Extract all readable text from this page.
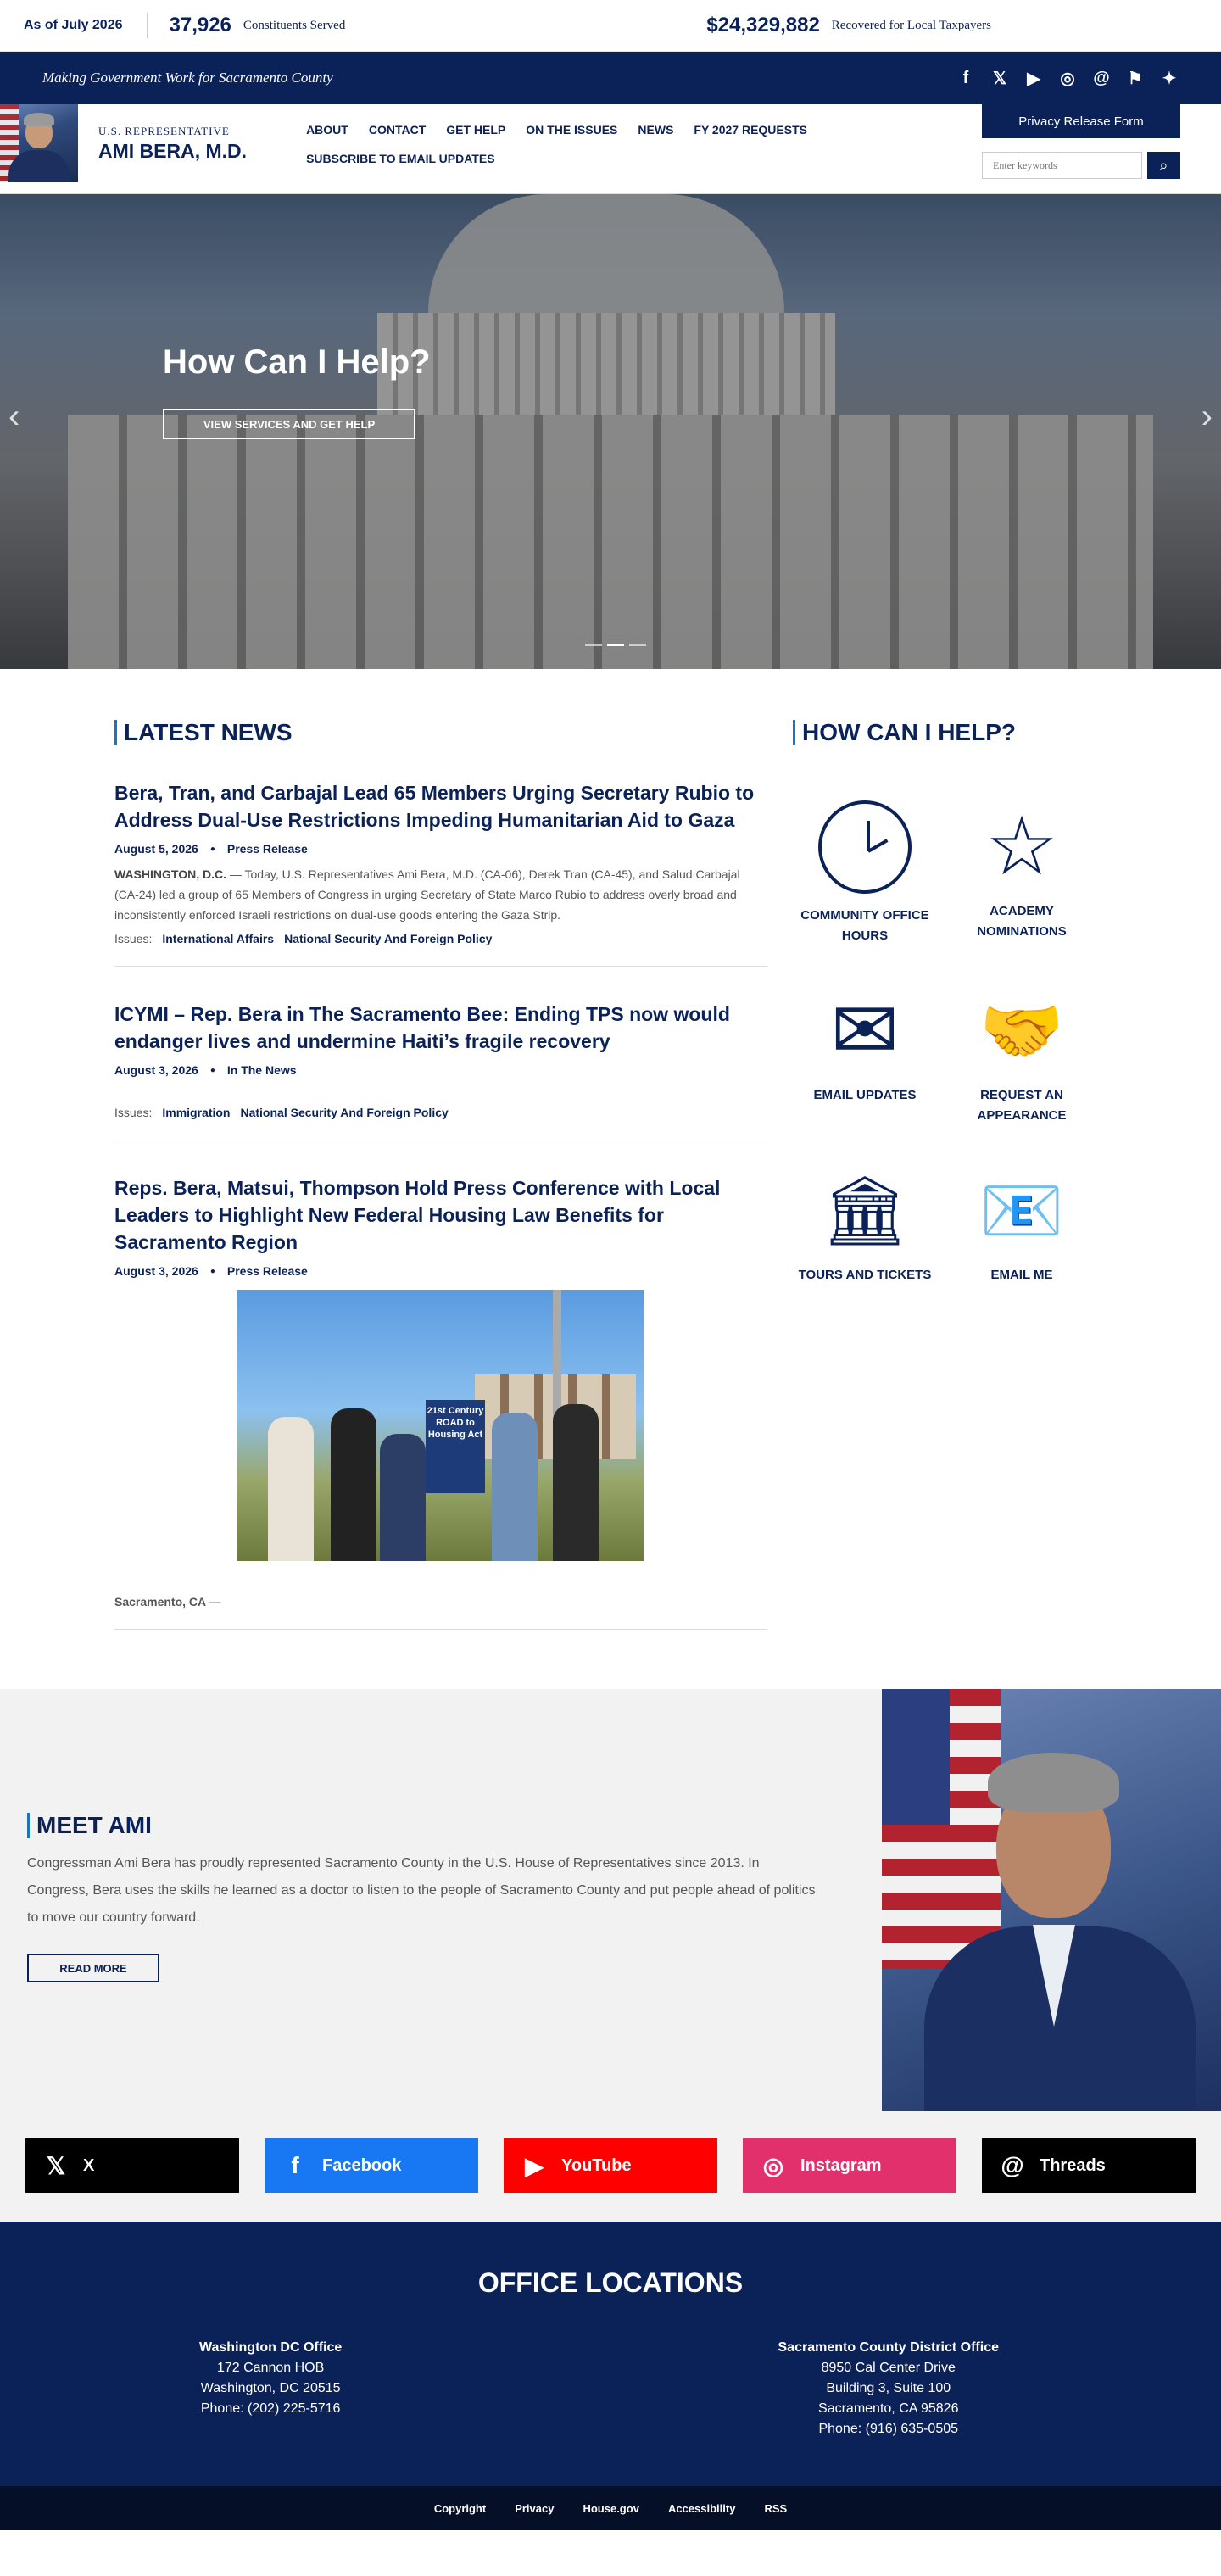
As of July 2026	37,926 Constituents Served	$24,329,882 Recovered for Local Taxpayers
Making Government Work for Sacramento County	f	𝕏 ▶ ◎ @ ⚑ ✦
U.S. REPRESENTATIVE
AMI BERA, M.D.
ABOUT CONTACT GET HELP ON THE ISSUES NEWS FY 2027 REQUESTS
SUBSCRIBE TO EMAIL UPDATES
Privacy Release Form
Enter keywords
⌕
How Can I Help?
VIEW SERVICES AND GET HELP
‹	›
LATEST NEWS
Bera, Tran, and Carbajal Lead 65 Members Urging Secretary Rubio to Address Dual-Use Restrictions Impeding Humanitarian Aid to Gaza
August 5, 2026 ● Press Release

WASHINGTON, D.C. — Today, U.S. Representatives Ami Bera, M.D. (CA-06), Derek Tran (CA-45), and Salud Carbajal (CA-24) led a group of 65 Members of Congress in urging Secretary of State Marco Rubio to address overly broad and inconsistently enforced Israeli restrictions on dual-use goods entering the Gaza Strip.

Issues: International Affairs National Security And Foreign Policy
ICYMI – Rep. Bera in The Sacramento Bee: Ending TPS now would endanger lives and undermine Haiti’s fragile recovery
August 3, 2026 ● In The News
Issues: Immigration National Security And Foreign Policy
Reps. Bera, Matsui, Thompson Hold Press Conference with Local Leaders to Highlight New Federal Housing Law Benefits for Sacramento Region
August 3, 2026 ● Press Release
21st Century ROAD to Housing Act

Sacramento, CA —

HOW CAN I HELP?
COMMUNITY OFFICE HOURS
☆
ACADEMY NOMINATIONS
✉
EMAIL UPDATES
🤝
REQUEST AN APPEARANCE
🏛
TOURS AND TICKETS
📧
EMAIL ME
MEET AMI

Congressman Ami Bera has proudly represented Sacramento County in the U.S. House of Representatives since 2013. In Congress, Bera uses the skills he learned as a doctor to listen to the people of Sacramento County and put people ahead of politics to move our country forward.

READ MORE
𝕏 X	f	Facebook	▶ YouTube	◎ Instagram	@ Threads
OFFICE LOCATIONS
Washington DC Office
172 Cannon HOB
Washington, DC 20515
Phone: (202) 225-5716
Sacramento County District Office
8950 Cal Center Drive
Building 3, Suite 100
Sacramento, CA 95826
Phone: (916) 635-0505
Copyright	Privacy	House.gov	Accessibility	RSS
